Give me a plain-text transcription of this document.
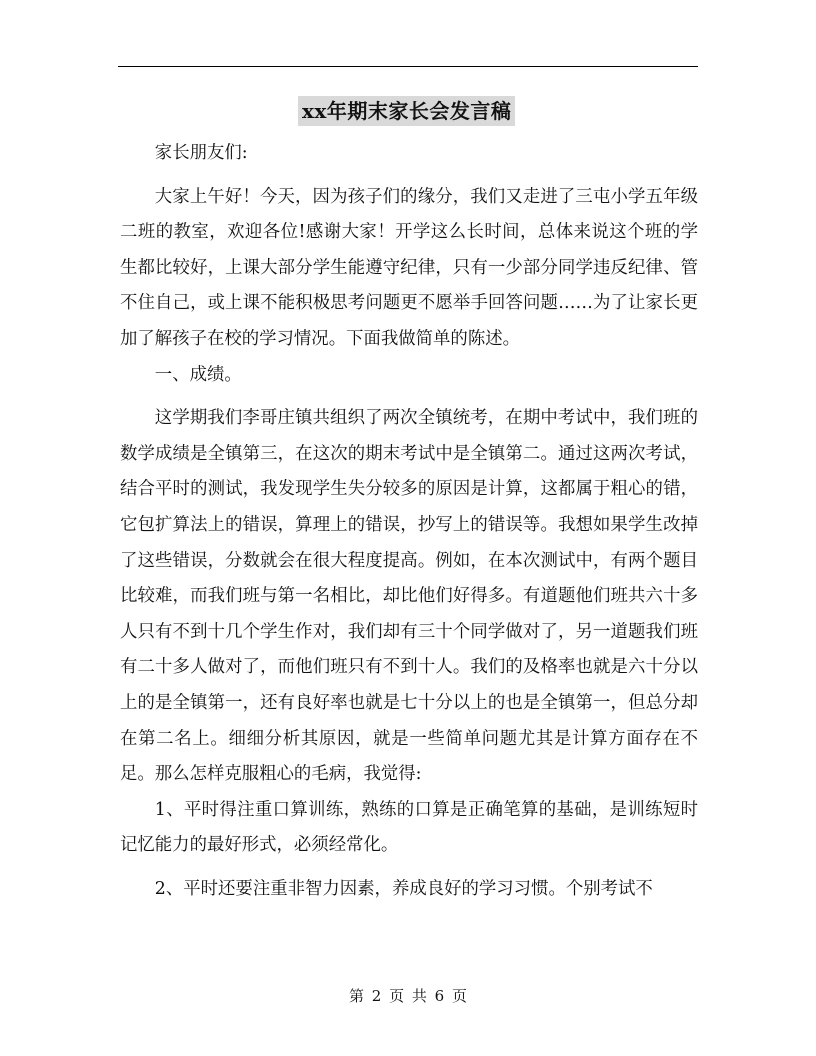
xx年期末家长会发言稿

家长朋友们:

大家上午好！今天，因为孩子们的缘分，我们又走进了三屯小学五年级二班的教室，欢迎各位!感谢大家！开学这么长时间，总体来说这个班的学生都比较好，上课大部分学生能遵守纪律，只有一少部分同学违反纪律、管不住自己，或上课不能积极思考问题更不愿举手回答问题……为了让家长更加了解孩子在校的学习情况。下面我做简单的陈述。

一、成绩。

这学期我们李哥庄镇共组织了两次全镇统考，在期中考试中，我们班的数学成绩是全镇第三，在这次的期末考试中是全镇第二。通过这两次考试，结合平时的测试，我发现学生失分较多的原因是计算，这都属于粗心的错，它包扩算法上的错误，算理上的错误，抄写上的错误等。我想如果学生改掉了这些错误，分数就会在很大程度提高。例如，在本次测试中，有两个题目比较难，而我们班与第一名相比，却比他们好得多。有道题他们班共六十多人只有不到十几个学生作对，我们却有三十个同学做对了，另一道题我们班有二十多人做对了，而他们班只有不到十人。我们的及格率也就是六十分以上的是全镇第一，还有良好率也就是七十分以上的也是全镇第一，但总分却在第二名上。细细分析其原因，就是一些简单问题尤其是计算方面存在不足。那么怎样克服粗心的毛病，我觉得:

1、平时得注重口算训练，熟练的口算是正确笔算的基础，是训练短时记忆能力的最好形式，必须经常化。

2、平时还要注重非智力因素，养成良好的学习习惯。个别考试不

第 2 页 共 6 页
